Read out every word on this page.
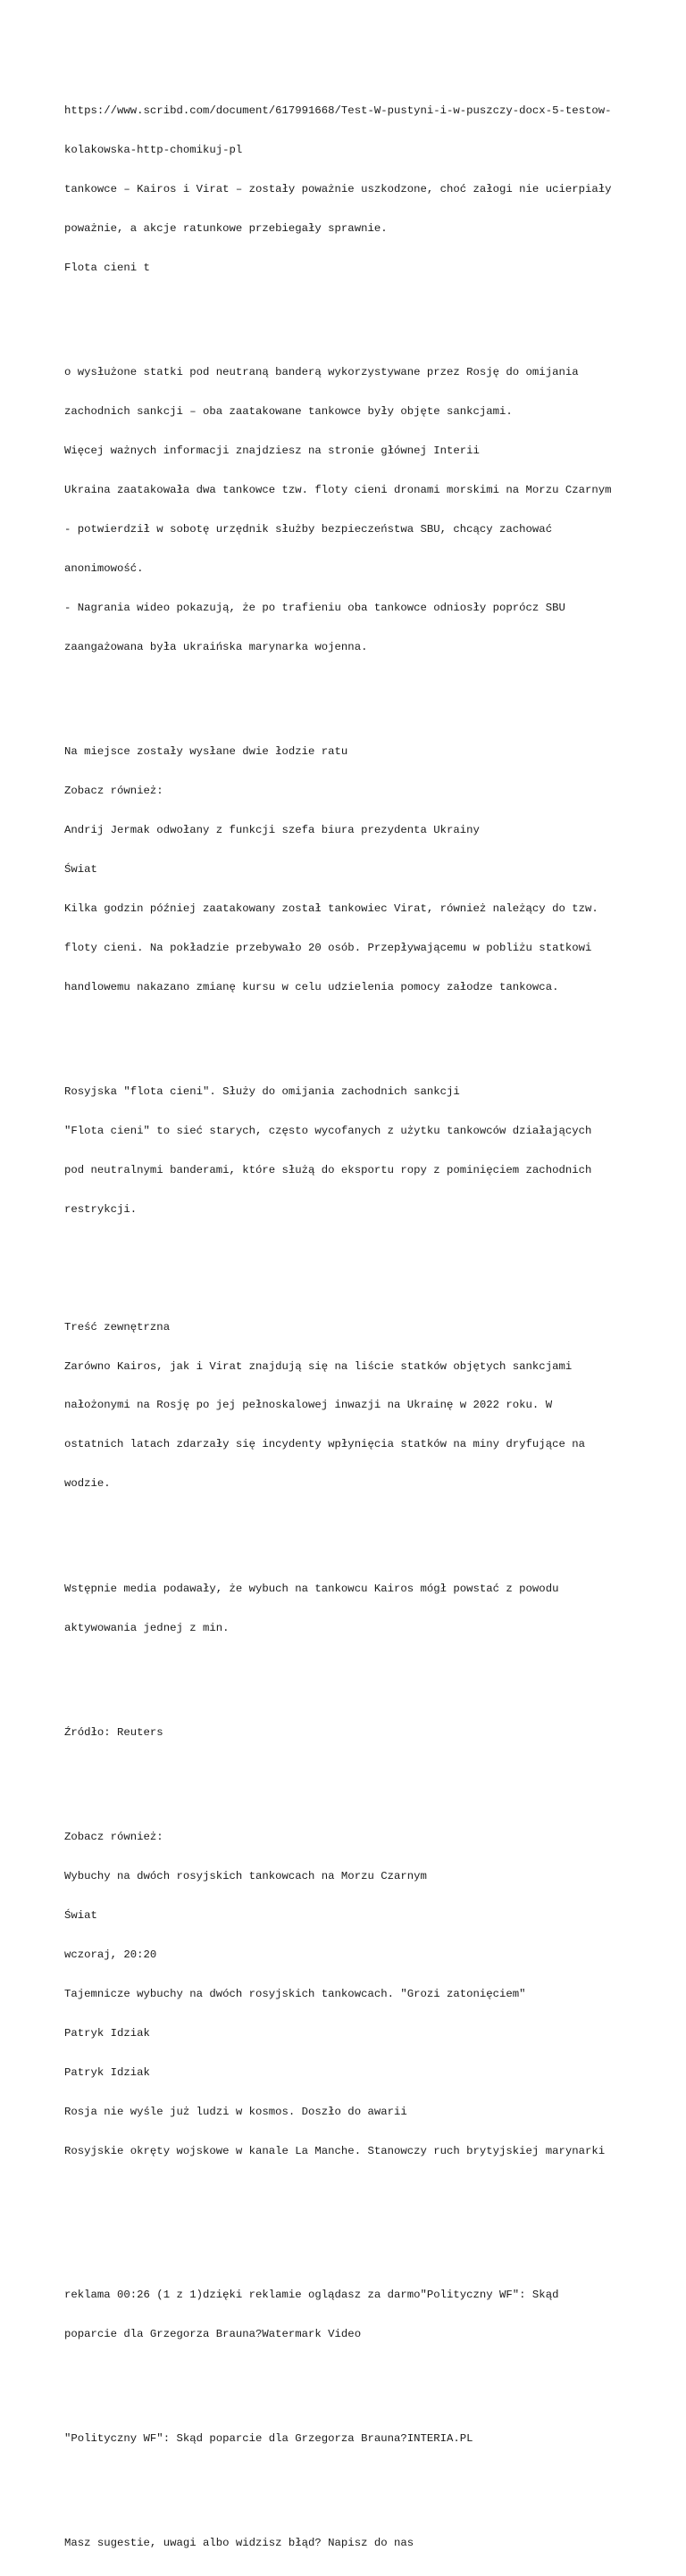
https://www.scribd.com/document/617991668/Test-W-pustyni-i-w-puszczy-docx-5-testow-

kolakowska-http-chomikuj-pl

tankowce – Kairos i Virat – zostały poważnie uszkodzone, choć załogi nie ucierpiały

poważnie, a akcje ratunkowe przebiegały sprawnie.

Flota cieni t

o wysłużone statki pod neutraną banderą wykorzystywane przez Rosję do omijania

zachodnich sankcji – oba zaatakowane tankowce były objęte sankcjami.

Więcej ważnych informacji znajdziesz na stronie głównej Interii

Ukraina zaatakowała dwa tankowce tzw. floty cieni dronami morskimi na Morzu Czarnym

- potwierdził w sobotę urzędnik służby bezpieczeństwa SBU, chcący zachować

anonimowość.

- Nagrania wideo pokazują, że po trafieniu oba tankowce odniosły poprócz SBU

zaangażowana była ukraińska marynarka wojenna.

Na miejsce zostały wysłane dwie łodzie ratu

Zobacz również:

Andrij Jermak odwołany z funkcji szefa biura prezydenta Ukrainy

Świat

Kilka godzin później zaatakowany został tankowiec Virat, również należący do tzw.

floty cieni. Na pokładzie przebywało 20 osób. Przepływającemu w pobliżu statkowi

handlowemu nakazano zmianę kursu w celu udzielenia pomocy załodze tankowca.

Rosyjska "flota cieni". Służy do omijania zachodnich sankcji

"Flota cieni" to sieć starych, często wycofanych z użytku tankowców działających

pod neutralnymi banderami, które służą do eksportu ropy z pominięciem zachodnich

restrykcji.

Treść zewnętrzna

Zarówno Kairos, jak i Virat znajdują się na liście statków objętych sankcjami

nałożonymi na Rosję po jej pełnoskalowej inwazji na Ukrainę w 2022 roku. W

ostatnich latach zdarzały się incydenty wpłynięcia statków na miny dryfujące na

wodzie.

Wstępnie media podawały, że wybuch na tankowcu Kairos mógł powstać z powodu

aktywowania jednej z min.

Źródło: Reuters

Zobacz również:

Wybuchy na dwóch rosyjskich tankowcach na Morzu Czarnym

Świat

wczoraj, 20:20

Tajemnicze wybuchy na dwóch rosyjskich tankowcach. "Grozi zatonięciem"

Patryk Idziak

Patryk Idziak

Rosja nie wyśle już ludzi w kosmos. Doszło do awarii

Rosyjskie okręty wojskowe w kanale La Manche. Stanowczy ruch brytyjskiej marynarki

reklama 00:26 (1 z 1)dzięki reklamie oglądasz za darmo"Polityczny WF": Skąd

poparcie dla Grzegorza Brauna?Watermark Video

"Polityczny WF": Skąd poparcie dla Grzegorza Brauna?INTERIA.PL

Masz sugestie, uwagi albo widzisz błąd? Napisz do nas
